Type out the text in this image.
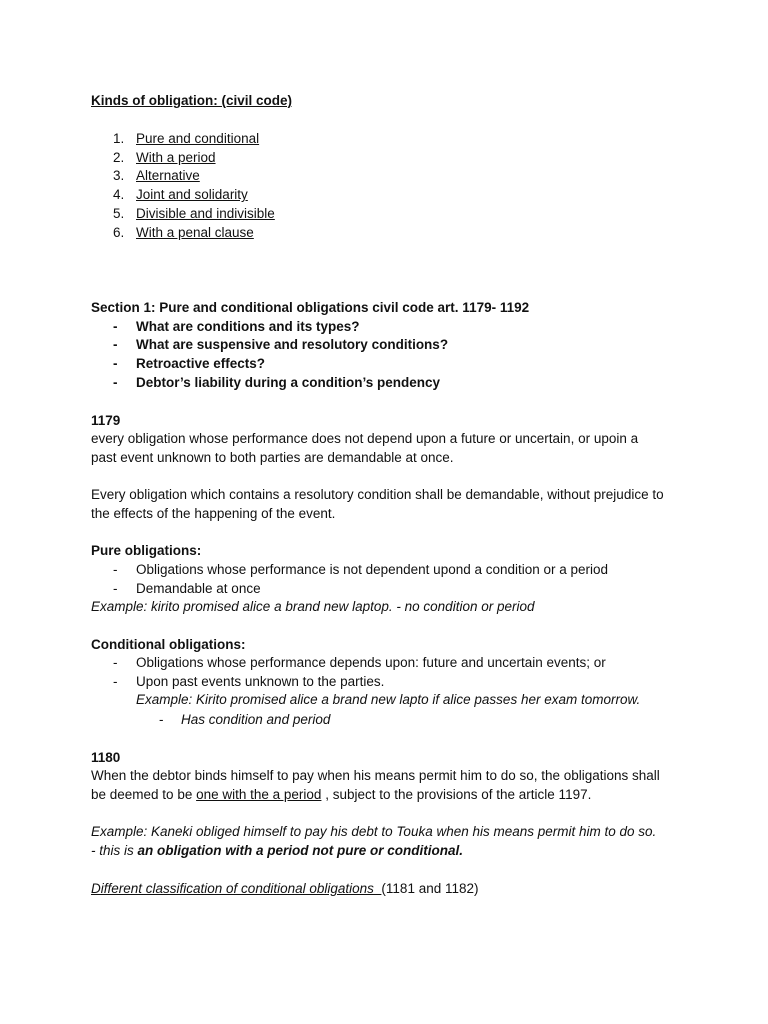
Kinds of obligation: (civil code)
1. Pure and conditional
2. With a period
3. Alternative
4. Joint and solidarity
5. Divisible and indivisible
6. With a penal clause
Section 1: Pure and conditional obligations civil code art. 1179- 1192
- What are conditions and its types?
- What are suspensive and resolutory conditions?
- Retroactive effects?
- Debtor’s liability during a condition’s pendency
1179
every obligation whose performance does not depend upon a future or uncertain, or upoin a
past event unknown to both parties are demandable at once.
Every obligation which contains a resolutory condition shall be demandable, without prejudice to
the effects of the happening of the event.
Pure obligations:
- Obligations whose performance is not dependent upond a condition or a period
- Demandable at once
Example: kirito promised alice a brand new laptop. - no condition or period
Conditional obligations:
- Obligations whose performance depends upon: future and uncertain events; or
- Upon past events unknown to the parties.
Example: Kirito promised alice a brand new lapto if alice passes her exam tomorrow.
- Has condition and period
1180
When the debtor binds himself to pay when his means permit him to do so, the obligations shall
be deemed to be one with the a period , subject to the provisions of the article 1197.
Example: Kaneki obliged himself to pay his debt to Touka when his means permit him to do so.
- this is an obligation with a period not pure or conditional.
Different classification of conditional obligations  (1181 and 1182)
